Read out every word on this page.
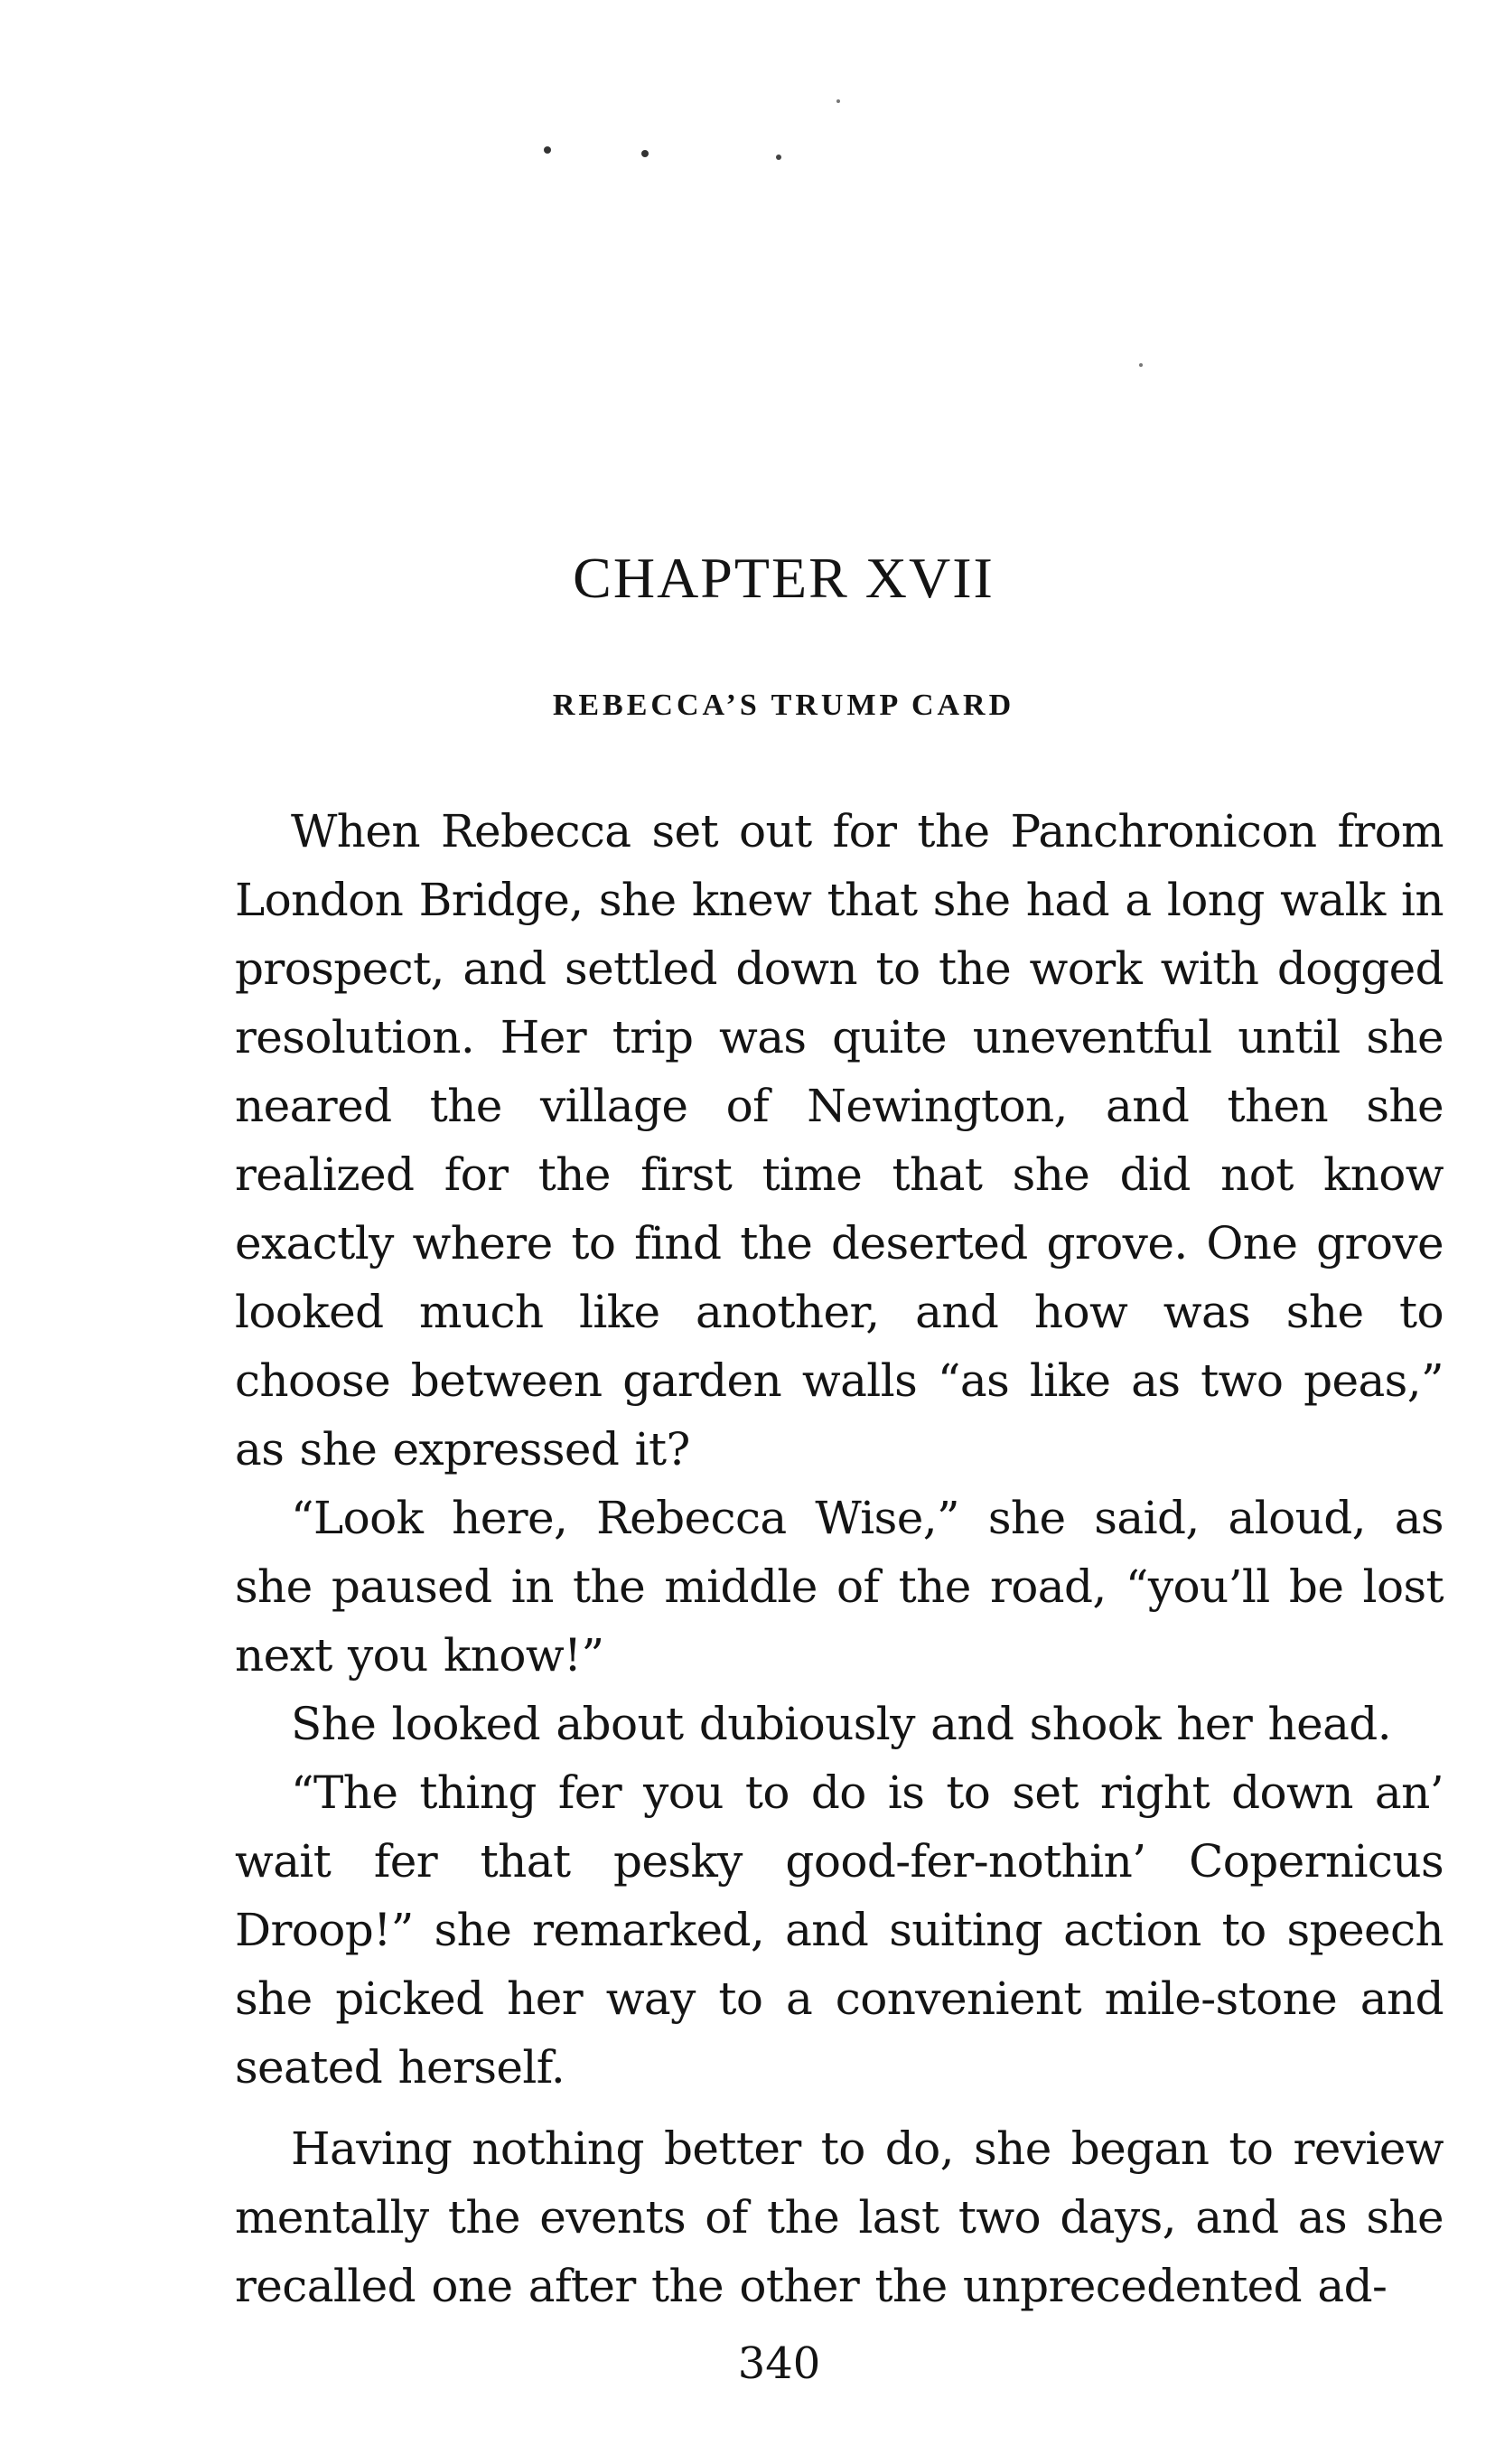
CHAPTER XVII
REBECCA’S TRUMP CARD

When Rebecca set out for the Panchronicon from London Bridge, she knew that she had a long walk in prospect, and settled down to the work with dogged resolution. Her trip was quite uneventful until she neared the village of Newington, and then she realized for the first time that she did not know exactly where to find the deserted grove. One grove looked much like another, and how was she to choose between garden walls “as like as two peas,” as she expressed it?

“Look here, Rebecca Wise,” she said, aloud, as she paused in the middle of the road, “you’ll be lost next you know!”

She looked about dubiously and shook her head.

“The thing fer you to do is to set right down an’ wait fer that pesky good-fer-nothin’ Copernicus Droop!” she remarked, and suiting action to speech she picked her way to a convenient mile-stone and seated herself.

Having nothing better to do, she began to review mentally the events of the last two days, and as she recalled one after the other the unprecedented ad-

340
